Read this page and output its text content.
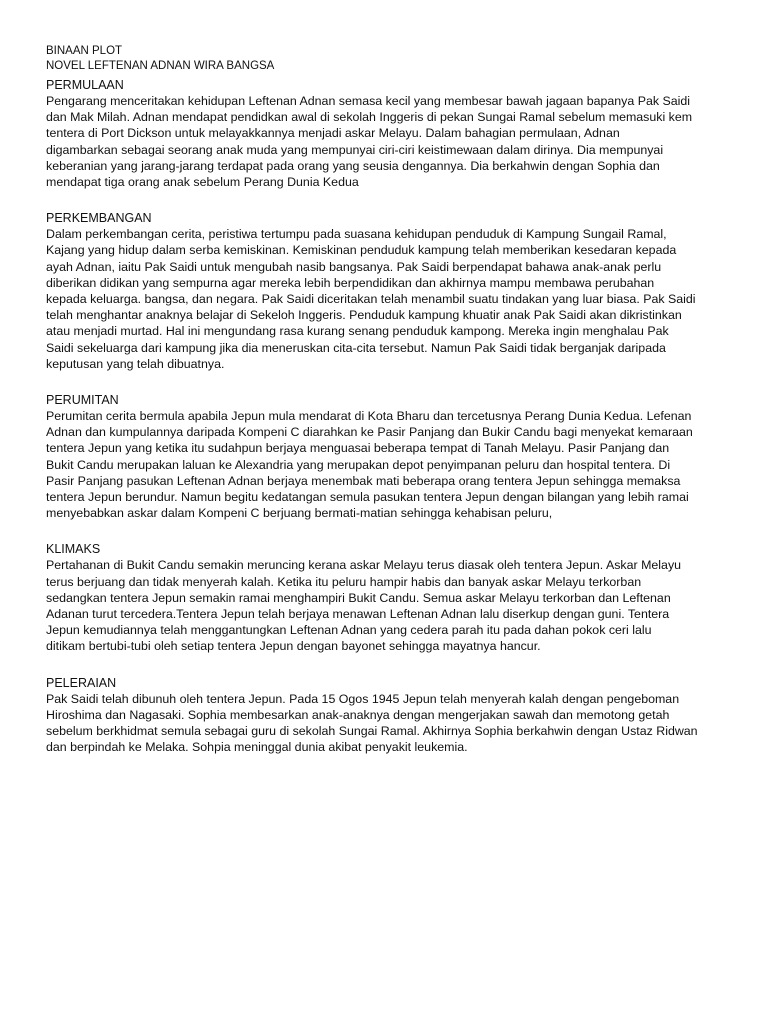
BINAAN PLOT

NOVEL LEFTENAN ADNAN WIRA BANGSA

PERMULAAN

Pengarang menceritakan kehidupan Leftenan Adnan semasa kecil yang membesar bawah jagaan bapanya Pak Saidi

dan Mak Milah. Adnan mendapat pendidkan awal di sekolah Inggeris di pekan Sungai Ramal sebelum memasuki kem

tentera di Port Dickson untuk melayakkannya menjadi askar Melayu. Dalam bahagian permulaan, Adnan

digambarkan sebagai seorang anak muda yang mempunyai ciri-ciri keistimewaan dalam dirinya. Dia mempunyai

keberanian yang jarang-jarang terdapat pada orang yang seusia dengannya. Dia berkahwin dengan Sophia dan

mendapat tiga orang anak sebelum Perang Dunia Kedua

PERKEMBANGAN

Dalam perkembangan cerita, peristiwa tertumpu pada suasana kehidupan penduduk di Kampung Sungail Ramal,

Kajang yang hidup dalam serba kemiskinan. Kemiskinan penduduk kampung telah memberikan kesedaran kepada

ayah Adnan, iaitu Pak Saidi untuk mengubah nasib bangsanya. Pak Saidi berpendapat bahawa anak-anak perlu

diberikan didikan yang sempurna agar mereka lebih berpendidikan dan akhirnya mampu membawa perubahan

kepada keluarga. bangsa, dan negara. Pak Saidi diceritakan telah menambil suatu tindakan yang luar biasa. Pak Saidi

telah menghantar anaknya belajar di Sekeloh Inggeris. Penduduk kampung khuatir anak Pak Saidi akan dikristinkan

atau menjadi murtad. Hal ini mengundang rasa kurang senang penduduk kampong. Mereka ingin menghalau Pak

Saidi sekeluarga dari kampung jika dia meneruskan cita-cita tersebut. Namun Pak Saidi tidak berganjak daripada

keputusan yang telah dibuatnya.

PERUMITAN

Perumitan cerita bermula apabila Jepun mula mendarat di Kota Bharu dan tercetusnya Perang Dunia Kedua. Lefenan

Adnan dan kumpulannya daripada Kompeni C diarahkan ke Pasir Panjang dan Bukir Candu bagi menyekat kemaraan

tentera Jepun yang ketika itu sudahpun berjaya menguasai beberapa tempat di Tanah Melayu. Pasir Panjang dan

Bukit Candu merupakan laluan ke Alexandria yang merupakan depot penyimpanan peluru dan hospital tentera. Di

Pasir Panjang pasukan Leftenan Adnan berjaya menembak mati beberapa orang tentera Jepun sehingga memaksa

tentera Jepun berundur. Namun begitu kedatangan semula pasukan tentera Jepun dengan bilangan yang lebih ramai

menyebabkan askar dalam Kompeni C berjuang bermati-matian sehingga kehabisan peluru,

KLIMAKS

Pertahanan di Bukit Candu semakin meruncing kerana askar Melayu terus diasak oleh tentera Jepun. Askar Melayu

terus berjuang dan tidak menyerah kalah. Ketika itu peluru hampir habis dan banyak askar Melayu terkorban

sedangkan tentera Jepun semakin ramai menghampiri Bukit Candu. Semua askar Melayu terkorban dan Leftenan

Adanan turut tercedera.Tentera Jepun telah berjaya menawan Leftenan Adnan lalu diserkup dengan guni. Tentera

Jepun kemudiannya telah menggantungkan Leftenan Adnan yang cedera parah itu pada dahan pokok ceri lalu

ditikam bertubi-tubi oleh setiap tentera Jepun dengan bayonet sehingga mayatnya hancur.

PELERAIAN

Pak Saidi telah dibunuh oleh tentera Jepun. Pada 15 Ogos 1945 Jepun telah menyerah kalah dengan pengeboman

Hiroshima dan Nagasaki. Sophia membesarkan anak-anaknya dengan mengerjakan sawah dan memotong getah

sebelum berkhidmat semula sebagai guru di sekolah Sungai Ramal. Akhirnya Sophia berkahwin dengan Ustaz Ridwan

dan berpindah ke Melaka. Sohpia meninggal dunia akibat penyakit leukemia.
